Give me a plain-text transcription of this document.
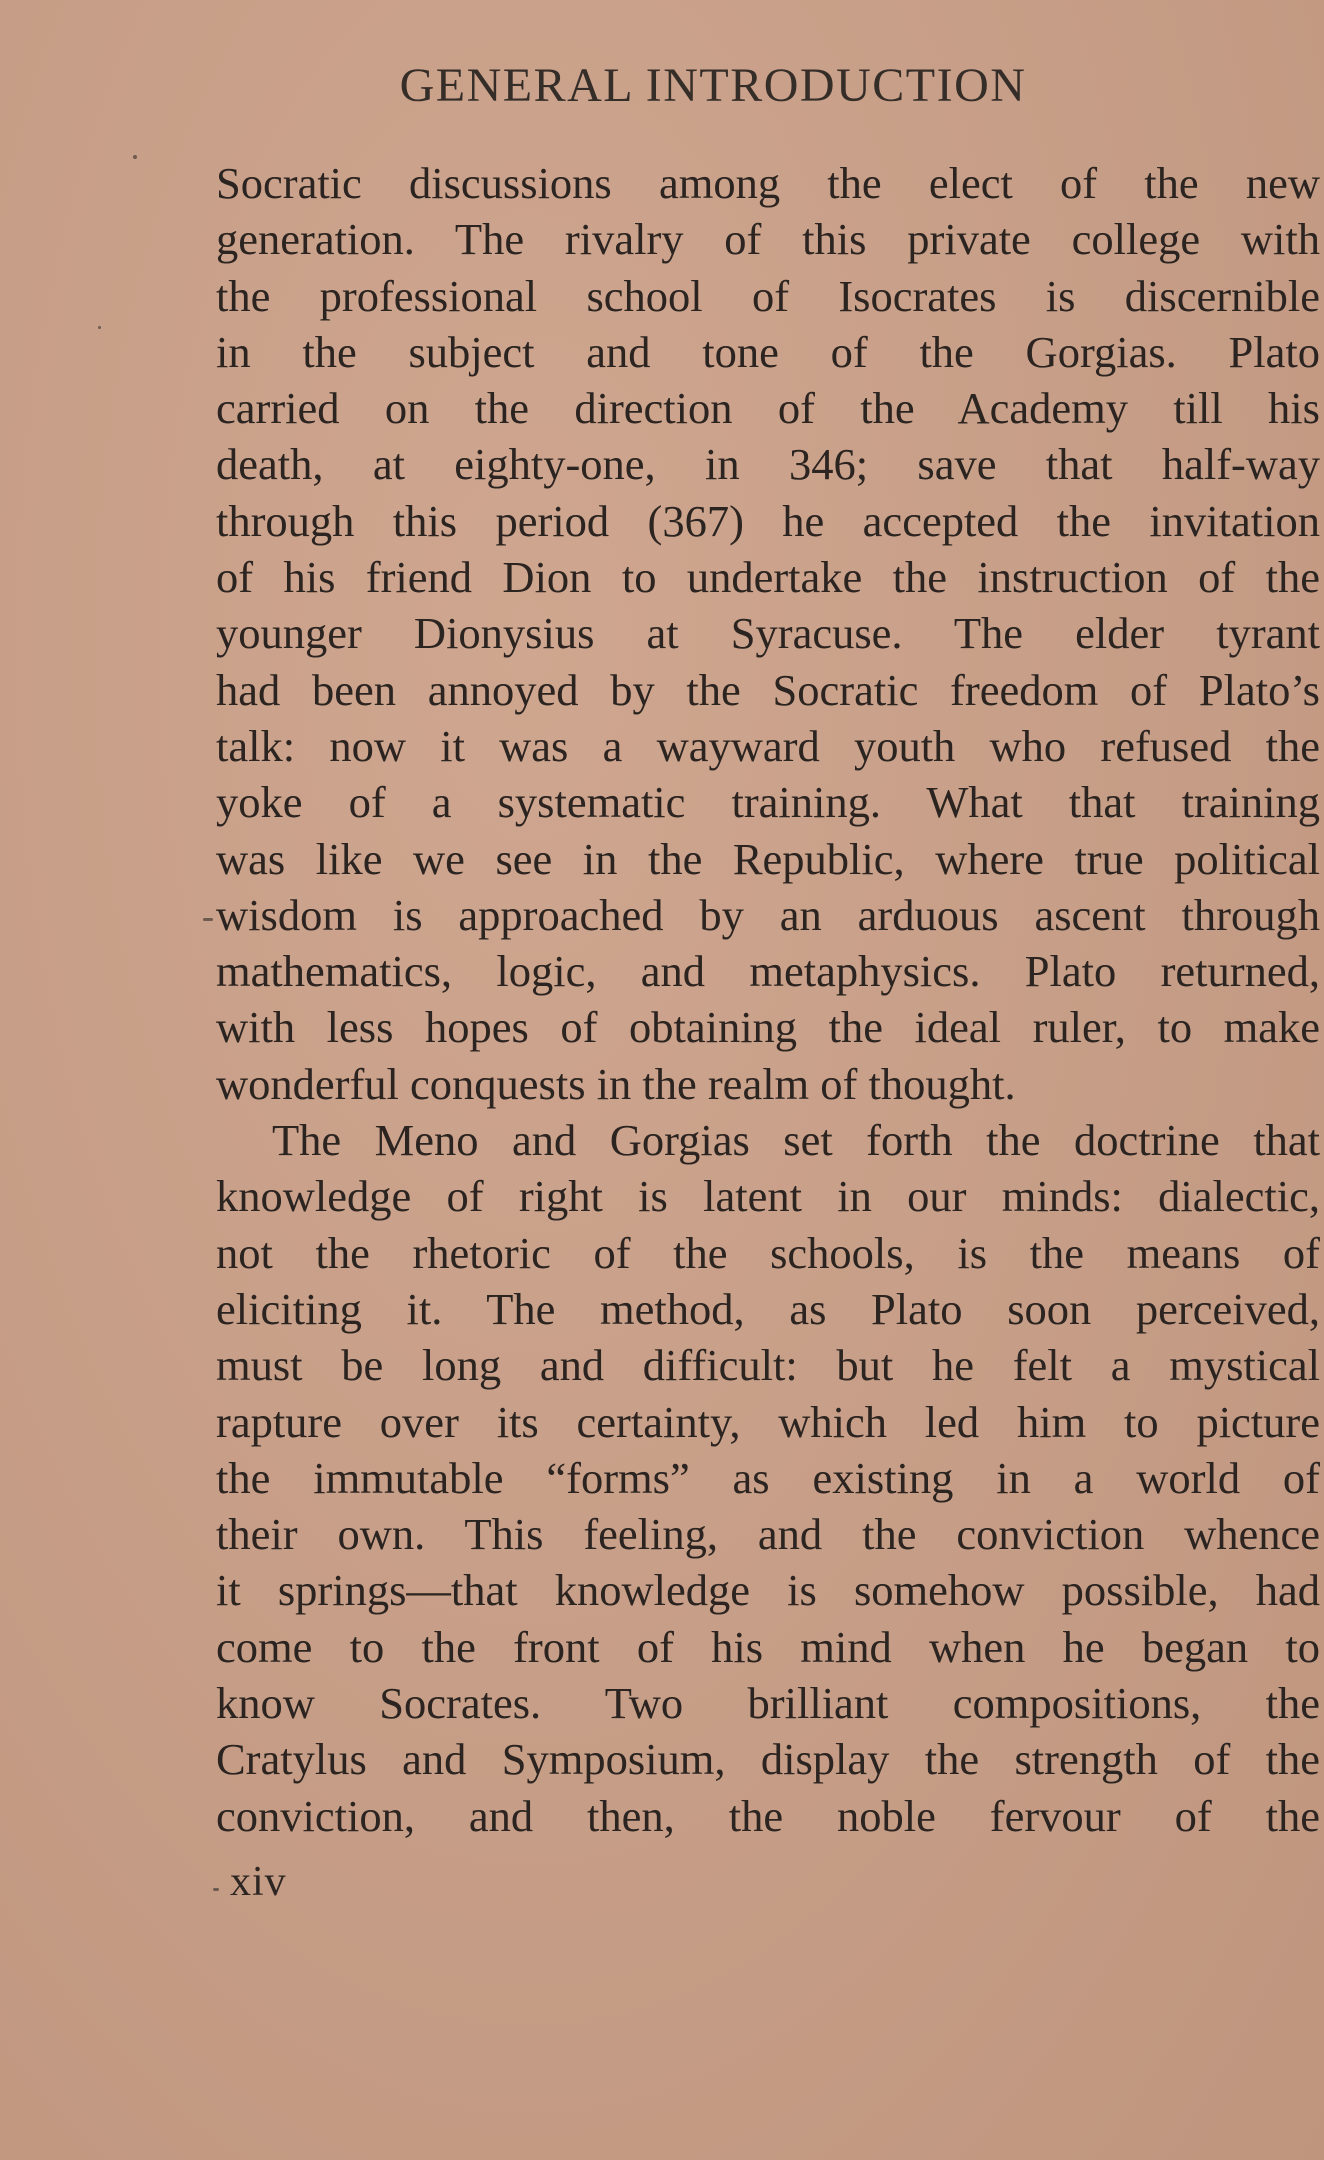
GENERAL INTRODUCTION
Socratic discussions among the elect of the new
generation. The rivalry of this private college with
the professional school of Isocrates is discernible
in the subject and tone of the Gorgias. Plato
carried on the direction of the Academy till his
death, at eighty-one, in 346; save that half-way
through this period (367) he accepted the invitation
of his friend Dion to undertake the instruction of the
younger Dionysius at Syracuse. The elder tyrant
had been annoyed by the Socratic freedom of Plato’s
talk: now it was a wayward youth who refused the
yoke of a systematic training. What that training
was like we see in the Republic, where true political
wisdom is approached by an arduous ascent through
mathematics, logic, and metaphysics. Plato returned,
with less hopes of obtaining the ideal ruler, to make
wonderful conquests in the realm of thought.
The Meno and Gorgias set forth the doctrine that
knowledge of right is latent in our minds: dialectic,
not the rhetoric of the schools, is the means of
eliciting it. The method, as Plato soon perceived,
must be long and difficult: but he felt a mystical
rapture over its certainty, which led him to picture
the immutable “forms” as existing in a world of
their own. This feeling, and the conviction whence
it springs—that knowledge is somehow possible, had
come to the front of his mind when he began to
know Socrates. Two brilliant compositions, the
Cratylus and Symposium, display the strength of the
conviction, and then, the noble fervour of the
xiv
